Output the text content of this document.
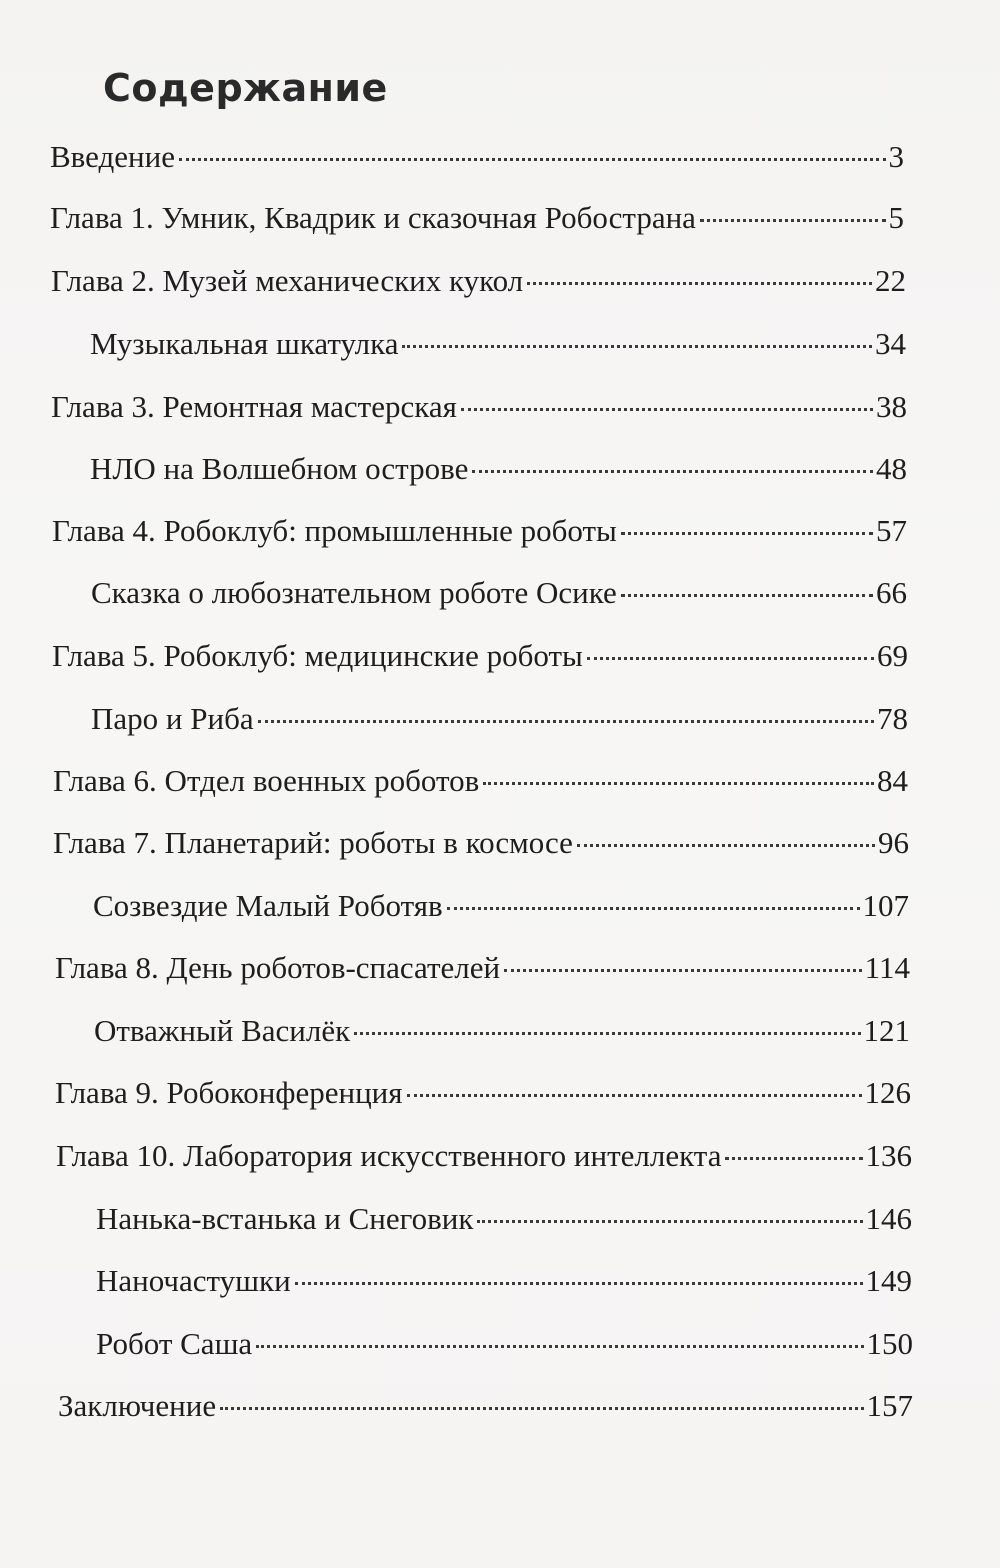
Содержание
Введение	3
Глава 1. Умник, Квадрик и сказочная Робострана	5
Глава 2. Музей механических кукол	22
Музыкальная шкатулка	34
Глава 3. Ремонтная мастерская	38
НЛО на Волшебном острове	48
Глава 4. Робоклуб: промышленные роботы	57
Сказка о любознательном роботе Осике	66
Глава 5. Робоклуб: медицинские роботы	69
Паро и Риба	78
Глава 6. Отдел военных роботов	84
Глава 7. Планетарий: роботы в космосе	96
Созвездие Малый Роботяв	107
Глава 8. День роботов-спасателей	114
Отважный Василёк	121
Глава 9. Робоконференция	126
Глава 10. Лаборатория искусственного интеллекта	136
Нанька-встанька и Снеговик	146
Наночастушки	149
Робот Саша	150
Заключение	157
